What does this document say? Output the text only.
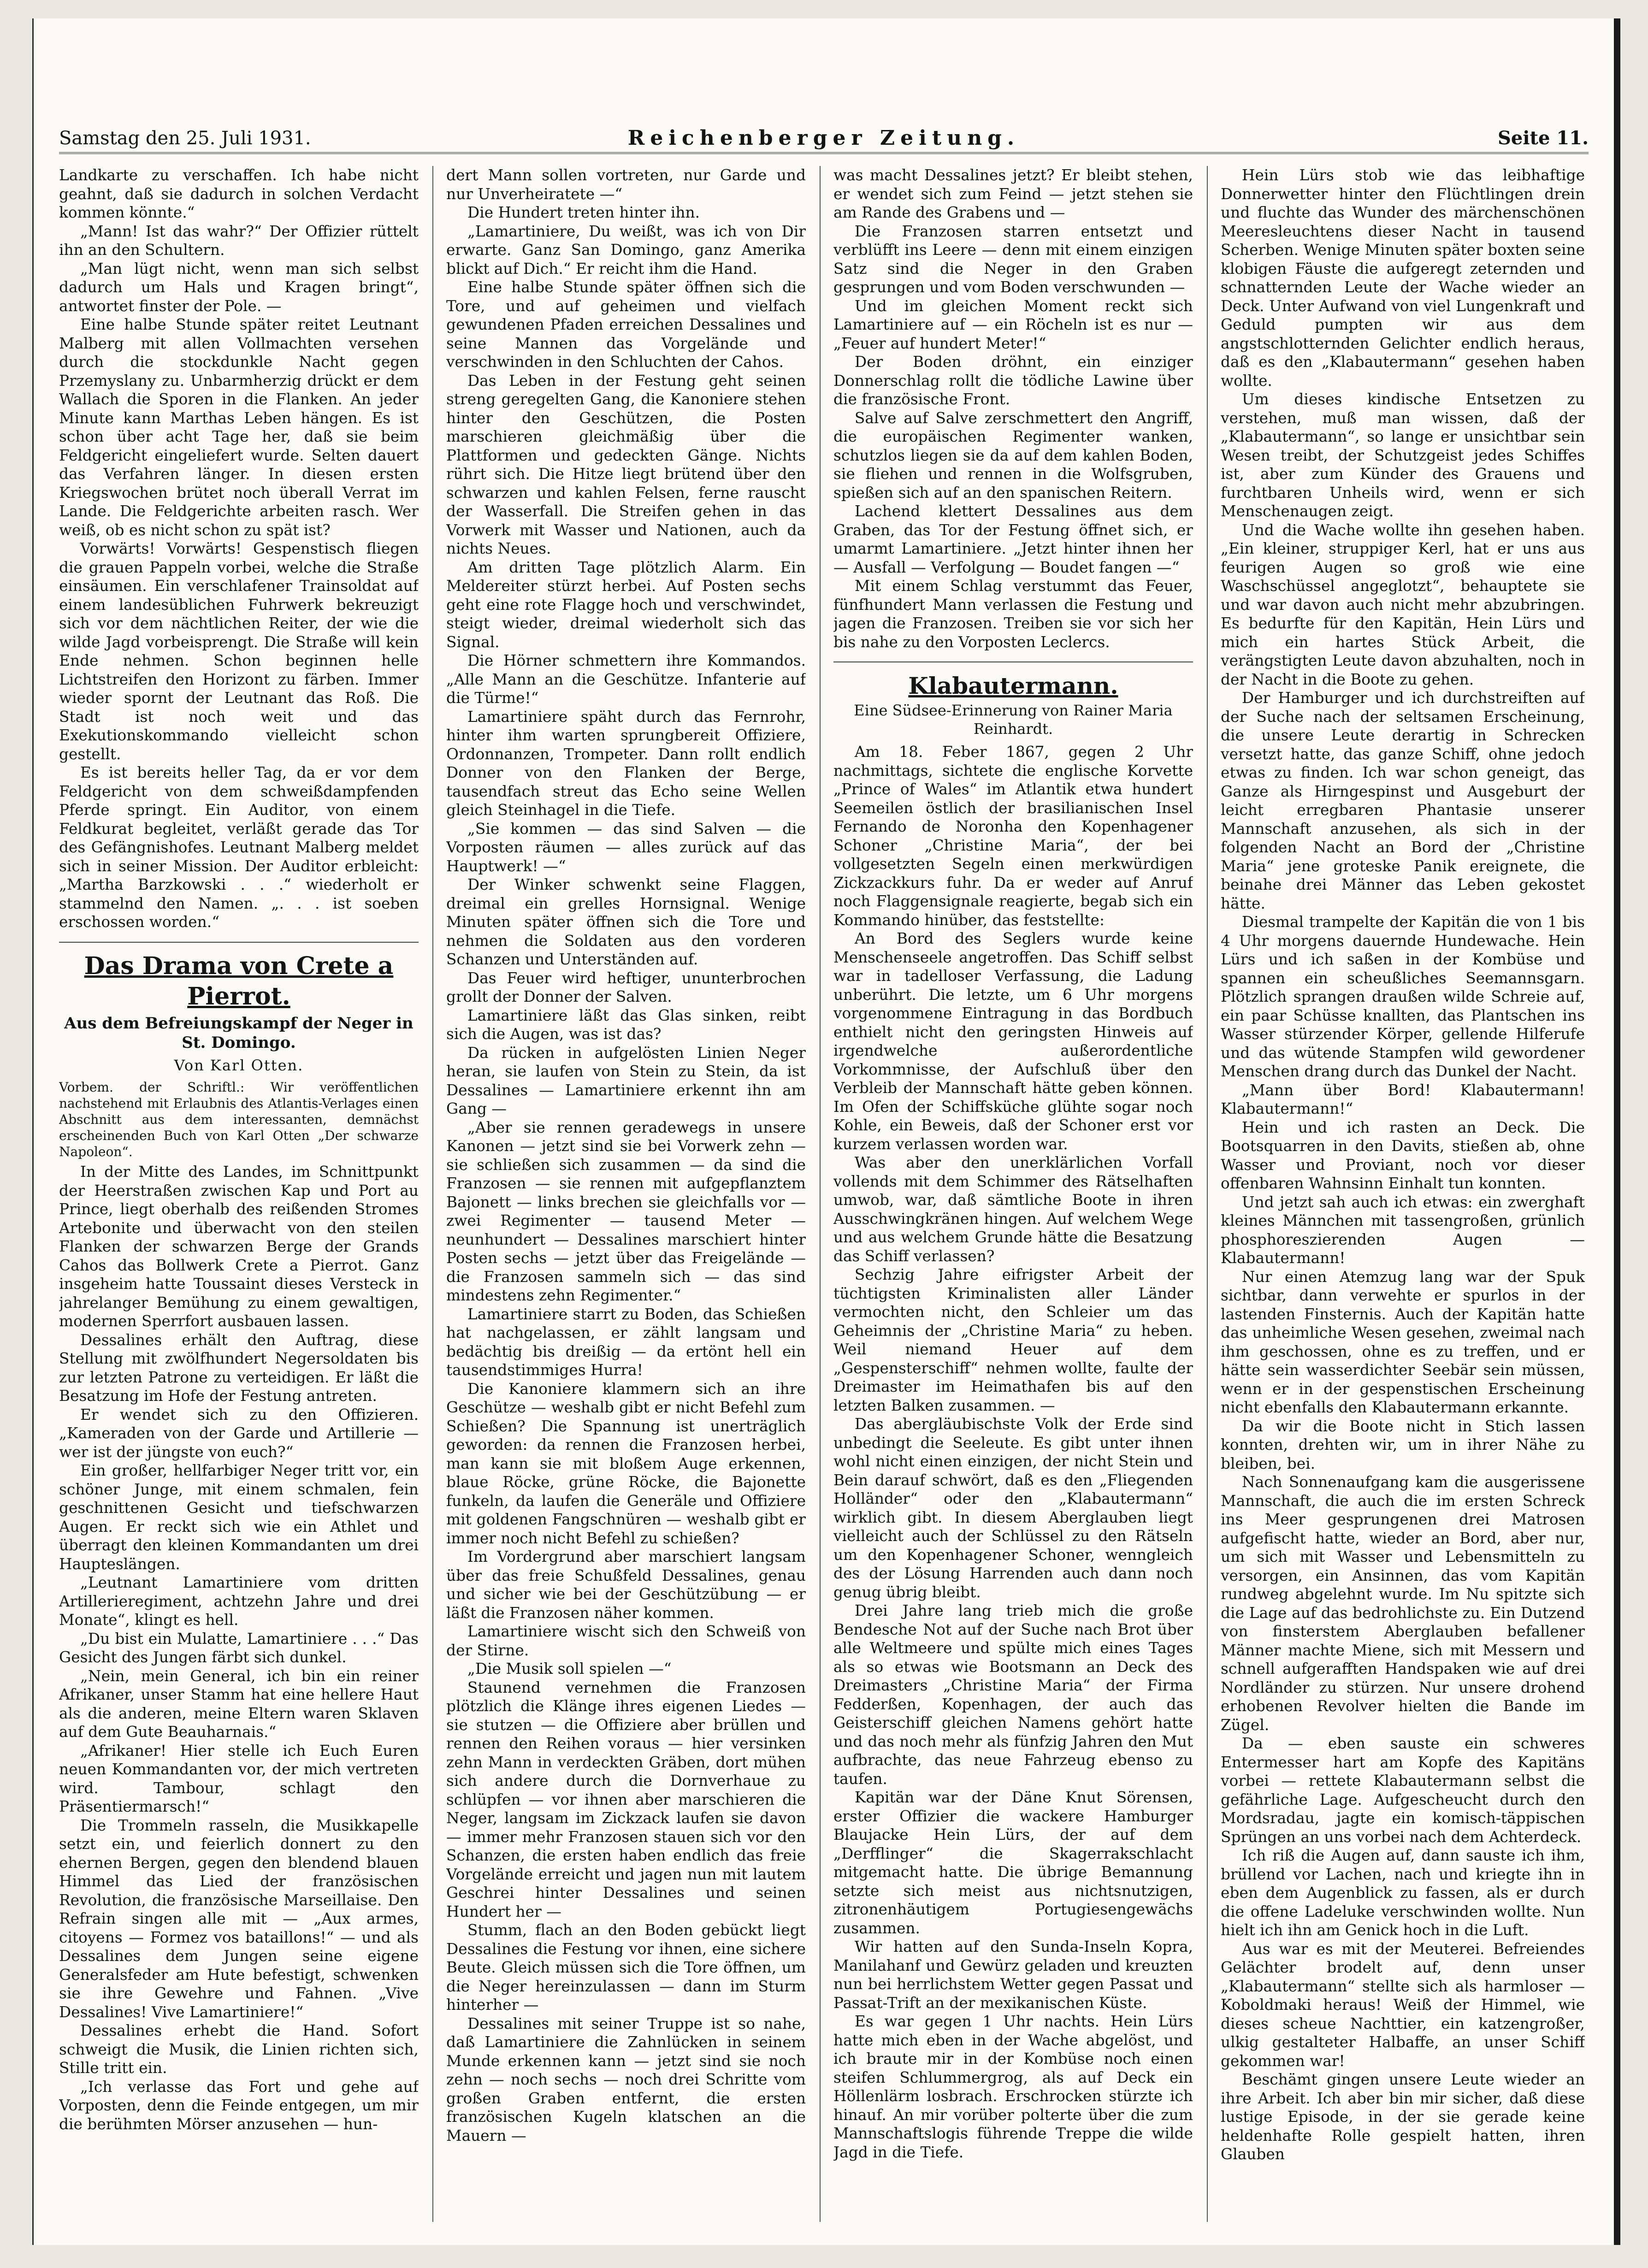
Samstag den 25. Juli 1931.	Reichenberger Zeitung.	Seite 11.

Landkarte zu verschaffen. Ich habe nicht geahnt, daß sie dadurch in solchen Verdacht kommen könnte.“

„Mann! Ist das wahr?“ Der Offizier rüttelt ihn an den Schultern.

„Man lügt nicht, wenn man sich selbst dadurch um Hals und Kragen bringt“, antwortet finster der Pole. —

Eine halbe Stunde später reitet Leutnant Malberg mit allen Vollmachten versehen durch die stockdunkle Nacht gegen Przemyslany zu. Unbarmherzig drückt er dem Wallach die Sporen in die Flanken. An jeder Minute kann Marthas Leben hängen. Es ist schon über acht Tage her, daß sie beim Feldgericht eingeliefert wurde. Selten dauert das Verfahren länger. In diesen ersten Kriegswochen brütet noch überall Verrat im Lande. Die Feldgerichte arbeiten rasch. Wer weiß, ob es nicht schon zu spät ist?

Vorwärts! Vorwärts! Gespenstisch fliegen die grauen Pappeln vorbei, welche die Straße einsäumen. Ein verschlafener Trainsoldat auf einem landesüblichen Fuhrwerk bekreuzigt sich vor dem nächtlichen Reiter, der wie die wilde Jagd vorbeisprengt. Die Straße will kein Ende nehmen. Schon beginnen helle Lichtstreifen den Horizont zu färben. Immer wieder spornt der Leutnant das Roß. Die Stadt ist noch weit und das Exekutionskommando vielleicht schon gestellt.

Es ist bereits heller Tag, da er vor dem Feldgericht von dem schweißdampfenden Pferde springt. Ein Auditor, von einem Feldkurat begleitet, verläßt gerade das Tor des Gefängnishofes. Leutnant Malberg meldet sich in seiner Mission. Der Auditor erbleicht: „Martha Barzkowski . . .“ wiederholt er stammelnd den Namen. „. . . ist soeben erschossen worden.“

Das Drama von Crete a Pierrot.
Aus dem Befreiungskampf der Neger in St. Domingo.
Von Karl Otten.
Vorbem. der Schriftl.: Wir veröffentlichen nachstehend mit Erlaubnis des Atlantis-Verlages einen Abschnitt aus dem interessanten, demnächst erscheinenden Buch von Karl Otten „Der schwarze Napoleon“.

In der Mitte des Landes, im Schnittpunkt der Heerstraßen zwischen Kap und Port au Prince, liegt oberhalb des reißenden Stromes Artebonite und überwacht von den steilen Flanken der schwarzen Berge der Grands Cahos das Bollwerk Crete a Pierrot. Ganz insgeheim hatte Toussaint dieses Versteck in jahrelanger Bemühung zu einem gewaltigen, modernen Sperrfort ausbauen lassen.

Dessalines erhält den Auftrag, diese Stellung mit zwölfhundert Negersoldaten bis zur letzten Patrone zu verteidigen. Er läßt die Besatzung im Hofe der Festung antreten.

Er wendet sich zu den Offizieren. „Kameraden von der Garde und Artillerie — wer ist der jüngste von euch?“

Ein großer, hellfarbiger Neger tritt vor, ein schöner Junge, mit einem schmalen, fein geschnittenen Gesicht und tiefschwarzen Augen. Er reckt sich wie ein Athlet und überragt den kleinen Kommandanten um drei Hauptеslängen.

„Leutnant Lamartiniere vom dritten Artillerieregiment, achtzehn Jahre und drei Monate“, klingt es hell.

„Du bist ein Mulatte, Lamartiniere . . .“ Das Gesicht des Jungen färbt sich dunkel.

„Nein, mein General, ich bin ein reiner Afrikaner, unser Stamm hat eine hellere Haut als die anderen, meine Eltern waren Sklaven auf dem Gute Beauharnais.“

„Afrikaner! Hier stelle ich Euch Euren neuen Kommandanten vor, der mich vertreten wird. Tambour, schlagt den Präsentiermarsch!“

Die Trommeln rasseln, die Musikkapelle setzt ein, und feierlich donnert zu den ehernen Bergen, gegen den blendend blauen Himmel das Lied der französischen Revolution, die französische Marseillaise. Den Refrain singen alle mit — „Aux armes, citoyens — Formez vos bataillons!“ — und als Dessalines dem Jungen seine eigene Generalsfeder am Hute befestigt, schwenken sie ihre Gewehre und Fahnen. „Vive Dessalines! Vive Lamartiniere!“

Dessalines erhebt die Hand. Sofort schweigt die Musik, die Linien richten sich, Stille tritt ein.

„Ich verlasse das Fort und gehe auf Vorposten, denn die Feinde entgegen, um mir die berühmten Mörser anzusehen — hun-

dert Mann sollen vortreten, nur Garde und nur Unverheiratete —“

Die Hundert treten hinter ihn.

„Lamartiniere, Du weißt, was ich von Dir erwarte. Ganz San Domingo, ganz Amerika blickt auf Dich.“ Er reicht ihm die Hand.

Eine halbe Stunde später öffnen sich die Tore, und auf geheimen und vielfach gewundenen Pfaden erreichen Dessalines und seine Mannen das Vorgelände und verschwinden in den Schluchten der Cahos.

Das Leben in der Festung geht seinen streng geregelten Gang, die Kanoniere stehen hinter den Geschützen, die Posten marschieren gleichmäßig über die Plattformen und gedeckten Gänge. Nichts rührt sich. Die Hitze liegt brütend über den schwarzen und kahlen Felsen, ferne rauscht der Wasserfall. Die Streifen gehen in das Vorwerk mit Wasser und Nationen, auch da nichts Neues.

Am dritten Tage plötzlich Alarm. Ein Meldereiter stürzt herbei. Auf Posten sechs geht eine rote Flagge hoch und verschwindet, steigt wieder, dreimal wiederholt sich das Signal.

Die Hörner schmettern ihre Kommandos. „Alle Mann an die Geschütze. Infanterie auf die Türme!“

Lamartiniere späht durch das Fernrohr, hinter ihm warten sprungbereit Offiziere, Ordonnanzen, Trompeter. Dann rollt endlich Donner von den Flanken der Berge, tausendfach streut das Echo seine Wellen gleich Steinhagel in die Tiefe.

„Sie kommen — das sind Salven — die Vorposten räumen — alles zurück auf das Hauptwerk! —“

Der Winker schwenkt seine Flaggen, dreimal ein grelles Hornsignal. Wenige Minuten später öffnen sich die Tore und nehmen die Soldaten aus den vorderen Schanzen und Unterständen auf.

Das Feuer wird heftiger, ununterbrochen grollt der Donner der Salven.

Lamartiniere läßt das Glas sinken, reibt sich die Augen, was ist das?

Da rücken in aufgelösten Linien Neger heran, sie laufen von Stein zu Stein, da ist Dessalines — Lamartiniere erkennt ihn am Gang —

„Aber sie rennen geradewegs in unsere Kanonen — jetzt sind sie bei Vorwerk zehn — sie schließen sich zusammen — da sind die Franzosen — sie rennen mit aufgepflanztem Bajonett — links brechen sie gleichfalls vor — zwei Regimenter — tausend Meter — neunhundert — Dessalines marschiert hinter Posten sechs — jetzt über das Freigelände — die Franzosen sammeln sich — das sind mindestens zehn Regimenter.“

Lamartiniere starrt zu Boden, das Schießen hat nachgelassen, er zählt langsam und bedächtig bis dreißig — da ertönt hell ein tausendstimmiges Hurra!

Die Kanoniere klammern sich an ihre Geschütze — weshalb gibt er nicht Befehl zum Schießen? Die Spannung ist unerträglich geworden: da rennen die Franzosen herbei, man kann sie mit bloßem Auge erkennen, blaue Röcke, grüne Röcke, die Bajonette funkeln, da laufen die Generäle und Offiziere mit goldenen Fangschnüren — weshalb gibt er immer noch nicht Befehl zu schießen?

Im Vordergrund aber marschiert langsam über das freie Schußfeld Dessalines, genau und sicher wie bei der Geschützübung — er läßt die Franzosen näher kommen.

Lamartiniere wischt sich den Schweiß von der Stirne.

„Die Musik soll spielen —“

Staunend vernehmen die Franzosen plötzlich die Klänge ihres eigenen Liedes — sie stutzen — die Offiziere aber brüllen und rennen den Reihen voraus — hier versinken zehn Mann in verdeckten Gräben, dort mühen sich andere durch die Dornverhaue zu schlüpfen — vor ihnen aber marschieren die Neger, langsam im Zickzack laufen sie davon — immer mehr Franzosen stauen sich vor den Schanzen, die ersten haben endlich das freie Vorgelände erreicht und jagen nun mit lautem Geschrei hinter Dessalines und seinen Hundert her —

Stumm, flach an den Boden gebückt liegt Dessalines die Festung vor ihnen, eine sichere Beute. Gleich müssen sich die Tore öffnen, um die Neger hereinzulassen — dann im Sturm hinterher —

Dessalines mit seiner Truppe ist so nahe, daß Lamartiniere die Zahnlücken in seinem Munde erkennen kann — jetzt sind sie noch zehn — noch sechs — noch drei Schritte vom großen Graben entfernt, die ersten französischen Kugeln klatschen an die Mauern —

was macht Dessalines jetzt? Er bleibt stehen, er wendet sich zum Feind — jetzt stehen sie am Rande des Grabens und —

Die Franzosen starren entsetzt und verblüfft ins Leere — denn mit einem einzigen Satz sind die Neger in den Graben gesprungen und vom Boden verschwunden —

Und im gleichen Moment reckt sich Lamartiniere auf — ein Röcheln ist es nur — „Feuer auf hundert Meter!“

Der Boden dröhnt, ein einziger Donnerschlag rollt die tödliche Lawine über die französische Front.

Salve auf Salve zerschmettert den Angriff, die europäischen Regimenter wanken, schutzlos liegen sie da auf dem kahlen Boden, sie fliehen und rennen in die Wolfsgruben, spießen sich auf an den spanischen Reitern.

Lachend klettert Dessalines aus dem Graben, das Tor der Festung öffnet sich, er umarmt Lamartiniere. „Jetzt hinter ihnen her — Ausfall — Verfolgung — Boudet fangen —“

Mit einem Schlag verstummt das Feuer, fünfhundert Mann verlassen die Festung und jagen die Franzosen. Treiben sie vor sich her bis nahe zu den Vorposten Leclercs.

Klabautermann.
Eine Südsee-Erinnerung von Rainer Maria Reinhardt.

Am 18. Feber 1867, gegen 2 Uhr nachmittags, sichtete die englische Korvette „Prince of Wales“ im Atlantik etwa hundert Seemeilen östlich der brasilianischen Insel Fernando de Noronha den Kopenhagener Schoner „Christine Maria“, der bei vollgesetzten Segeln einen merkwürdigen Zickzackkurs fuhr. Da er weder auf Anruf noch Flaggensignale reagierte, begab sich ein Kommando hinüber, das feststellte:

An Bord des Seglers wurde keine Menschenseele angetroffen. Das Schiff selbst war in tadelloser Verfassung, die Ladung unberührt. Die letzte, um 6 Uhr morgens vorgenommene Eintragung in das Bordbuch enthielt nicht den geringsten Hinweis auf irgendwelche außerordentliche Vorkommnisse, der Aufschluß über den Verbleib der Mannschaft hätte geben können. Im Ofen der Schiffsküche glühte sogar noch Kohle, ein Beweis, daß der Schoner erst vor kurzem verlassen worden war.

Was aber den unerklärlichen Vorfall vollends mit dem Schimmer des Rätselhaften umwob, war, daß sämtliche Boote in ihren Ausschwingkränen hingen. Auf welchem Wege und aus welchem Grunde hätte die Besatzung das Schiff verlassen?

Sechzig Jahre eifrigster Arbeit der tüchtigsten Kriminalisten aller Länder vermochten nicht, den Schleier um das Geheimnis der „Christine Maria“ zu heben. Weil niemand Heuer auf dem „Gespensterschiff“ nehmen wollte, faulte der Dreimaster im Heimathafen bis auf den letzten Balken zusammen. —

Das abergläubischste Volk der Erde sind unbedingt die Seeleute. Es gibt unter ihnen wohl nicht einen einzigen, der nicht Stein und Bein darauf schwört, daß es den „Fliegenden Holländer“ oder den „Klabautermann“ wirklich gibt. In diesem Aberglauben liegt vielleicht auch der Schlüssel zu den Rätseln um den Kopenhagener Schoner, wenngleich des der Lösung Harrenden auch dann noch genug übrig bleibt.

Drei Jahre lang trieb mich die große Bendesche Not auf der Suche nach Brot über alle Weltmeere und spülte mich eines Tages als so etwas wie Bootsmann an Deck des Dreimasters „Christine Maria“ der Firma Fedderßen, Kopenhagen, der auch das Geisterschiff gleichen Namens gehört hatte und das noch mehr als fünfzig Jahren den Mut aufbrachte, das neue Fahrzeug ebenso zu taufen.

Kapitän war der Däne Knut Sörensen, erster Offizier die wackere Hamburger Blaujacke Hein Lürs, der auf dem „Derfflinger“ die Skagerrakschlacht mitgemacht hatte. Die übrige Bemannung setzte sich meist aus nichtsnutzigen, zitronenhäutigem Portugiesengewächs zusammen.

Wir hatten auf den Sunda-Inseln Kopra, Manilahanf und Gewürz geladen und kreuzten nun bei herrlichstem Wetter gegen Passat und Passat-Trift an der mexikanischen Küste.

Es war gegen 1 Uhr nachts. Hein Lürs hatte mich eben in der Wache abgelöst, und ich braute mir in der Kombüse noch einen steifen Schlummergrog, als auf Deck ein Höllenlärm losbrach. Erschrocken stürzte ich hinauf. An mir vorüber polterte über die zum Mannschaftslogis führende Treppe die wilde Jagd in die Tiefe.

Hein Lürs stob wie das leibhaftige Donnerwetter hinter den Flüchtlingen drein und fluchte das Wunder des märchenschönen Meeresleuchtens dieser Nacht in tausend Scherben. Wenige Minuten später boxten seine klobigen Fäuste die aufgeregt zeternden und schnatternden Leute der Wache wieder an Deck. Unter Aufwand von viel Lungenkraft und Geduld pumpten wir aus dem angstschlotternden Gelichter endlich heraus, daß es den „Klabautermann“ gesehen haben wollte.

Um dieses kindische Entsetzen zu verstehen, muß man wissen, daß der „Klabautermann“, so lange er unsichtbar sein Wesen treibt, der Schutzgeist jedes Schiffes ist, aber zum Künder des Grauens und furchtbaren Unheils wird, wenn er sich Menschenaugen zeigt.

Und die Wache wollte ihn gesehen haben. „Ein kleiner, struppiger Kerl, hat er uns aus feurigen Augen so groß wie eine Waschschüssel angeglotzt“, behauptete sie und war davon auch nicht mehr abzubringen. Es bedurfte für den Kapitän, Hein Lürs und mich ein hartes Stück Arbeit, die verängstigten Leute davon abzuhalten, noch in der Nacht in die Boote zu gehen.

Der Hamburger und ich durchstreiften auf der Suche nach der seltsamen Erscheinung, die unsere Leute derartig in Schrecken versetzt hatte, das ganze Schiff, ohne jedoch etwas zu finden. Ich war schon geneigt, das Ganze als Hirngespinst und Ausgeburt der leicht erregbaren Phantasie unserer Mannschaft anzusehen, als sich in der folgenden Nacht an Bord der „Christine Maria“ jene groteske Panik ereignete, die beinahe drei Männer das Leben gekostet hätte.

Diesmal trampelte der Kapitän die von 1 bis 4 Uhr morgens dauernde Hundewache. Hein Lürs und ich saßen in der Kombüse und spannen ein scheußliches Seemannsgarn. Plötzlich sprangen draußen wilde Schreie auf, ein paar Schüsse knallten, das Plantschen ins Wasser stürzender Körper, gellende Hilferufe und das wütende Stampfen wild gewordener Menschen drang durch das Dunkel der Nacht.

„Mann über Bord! Klabautermann! Klabautermann!“

Hein und ich rasten an Deck. Die Bootsquarren in den Davits, stießen ab, ohne Wasser und Proviant, noch vor dieser offenbaren Wahnsinn Einhalt tun konnten.

Und jetzt sah auch ich etwas: ein zwerghaft kleines Männchen mit tassengroßen, grünlich phosphoreszierenden Augen — Klabautermann!

Nur einen Atemzug lang war der Spuk sichtbar, dann verwehte er spurlos in der lastenden Finsternis. Auch der Kapitän hatte das unheimliche Wesen gesehen, zweimal nach ihm geschossen, ohne es zu treffen, und er hätte sein wasserdichter Seebär sein müssen, wenn er in der gespenstischen Erscheinung nicht ebenfalls den Klabautermann erkannte.

Da wir die Boote nicht in Stich lassen konnten, drehten wir, um in ihrer Nähe zu bleiben, bei.

Nach Sonnenaufgang kam die ausgerissene Mannschaft, die auch die im ersten Schreck ins Meer gesprungenen drei Matrosen aufgefischt hatte, wieder an Bord, aber nur, um sich mit Wasser und Lebensmitteln zu versorgen, ein Ansinnen, das vom Kapitän rundweg abgelehnt wurde. Im Nu spitzte sich die Lage auf das bedrohlichste zu. Ein Dutzend von finsterstem Aberglauben befallener Männer machte Miene, sich mit Messern und schnell aufgerafften Handspaken wie auf drei Nordländer zu stürzen. Nur unsere drohend erhobenen Revolver hielten die Bande im Zügel.

Da — eben sauste ein schweres Entermesser hart am Kopfe des Kapitäns vorbei — rettete Klabautermann selbst die gefährliche Lage. Aufgescheucht durch den Mordsradau, jagte ein komisch-täppischen Sprüngen an uns vorbei nach dem Achterdeck.

Ich riß die Augen auf, dann sauste ich ihm, brüllend vor Lachen, nach und kriegte ihn in eben dem Augenblick zu fassen, als er durch die offene Ladeluke verschwinden wollte. Nun hielt ich ihn am Genick hoch in die Luft.

Aus war es mit der Meuterei. Befreiendes Gelächter brodelt auf, denn unser „Klabautermann“ stellte sich als harmloser — Koboldmaki heraus! Weiß der Himmel, wie dieses scheue Nachttier, ein katzengroßer, ulkig gestalteter Halbaffe, an unser Schiff gekommen war!

Beschämt gingen unsere Leute wieder an ihre Arbeit. Ich aber bin mir sicher, daß diese lustige Episode, in der sie gerade keine heldenhafte Rolle gespielt hatten, ihren Glauben
